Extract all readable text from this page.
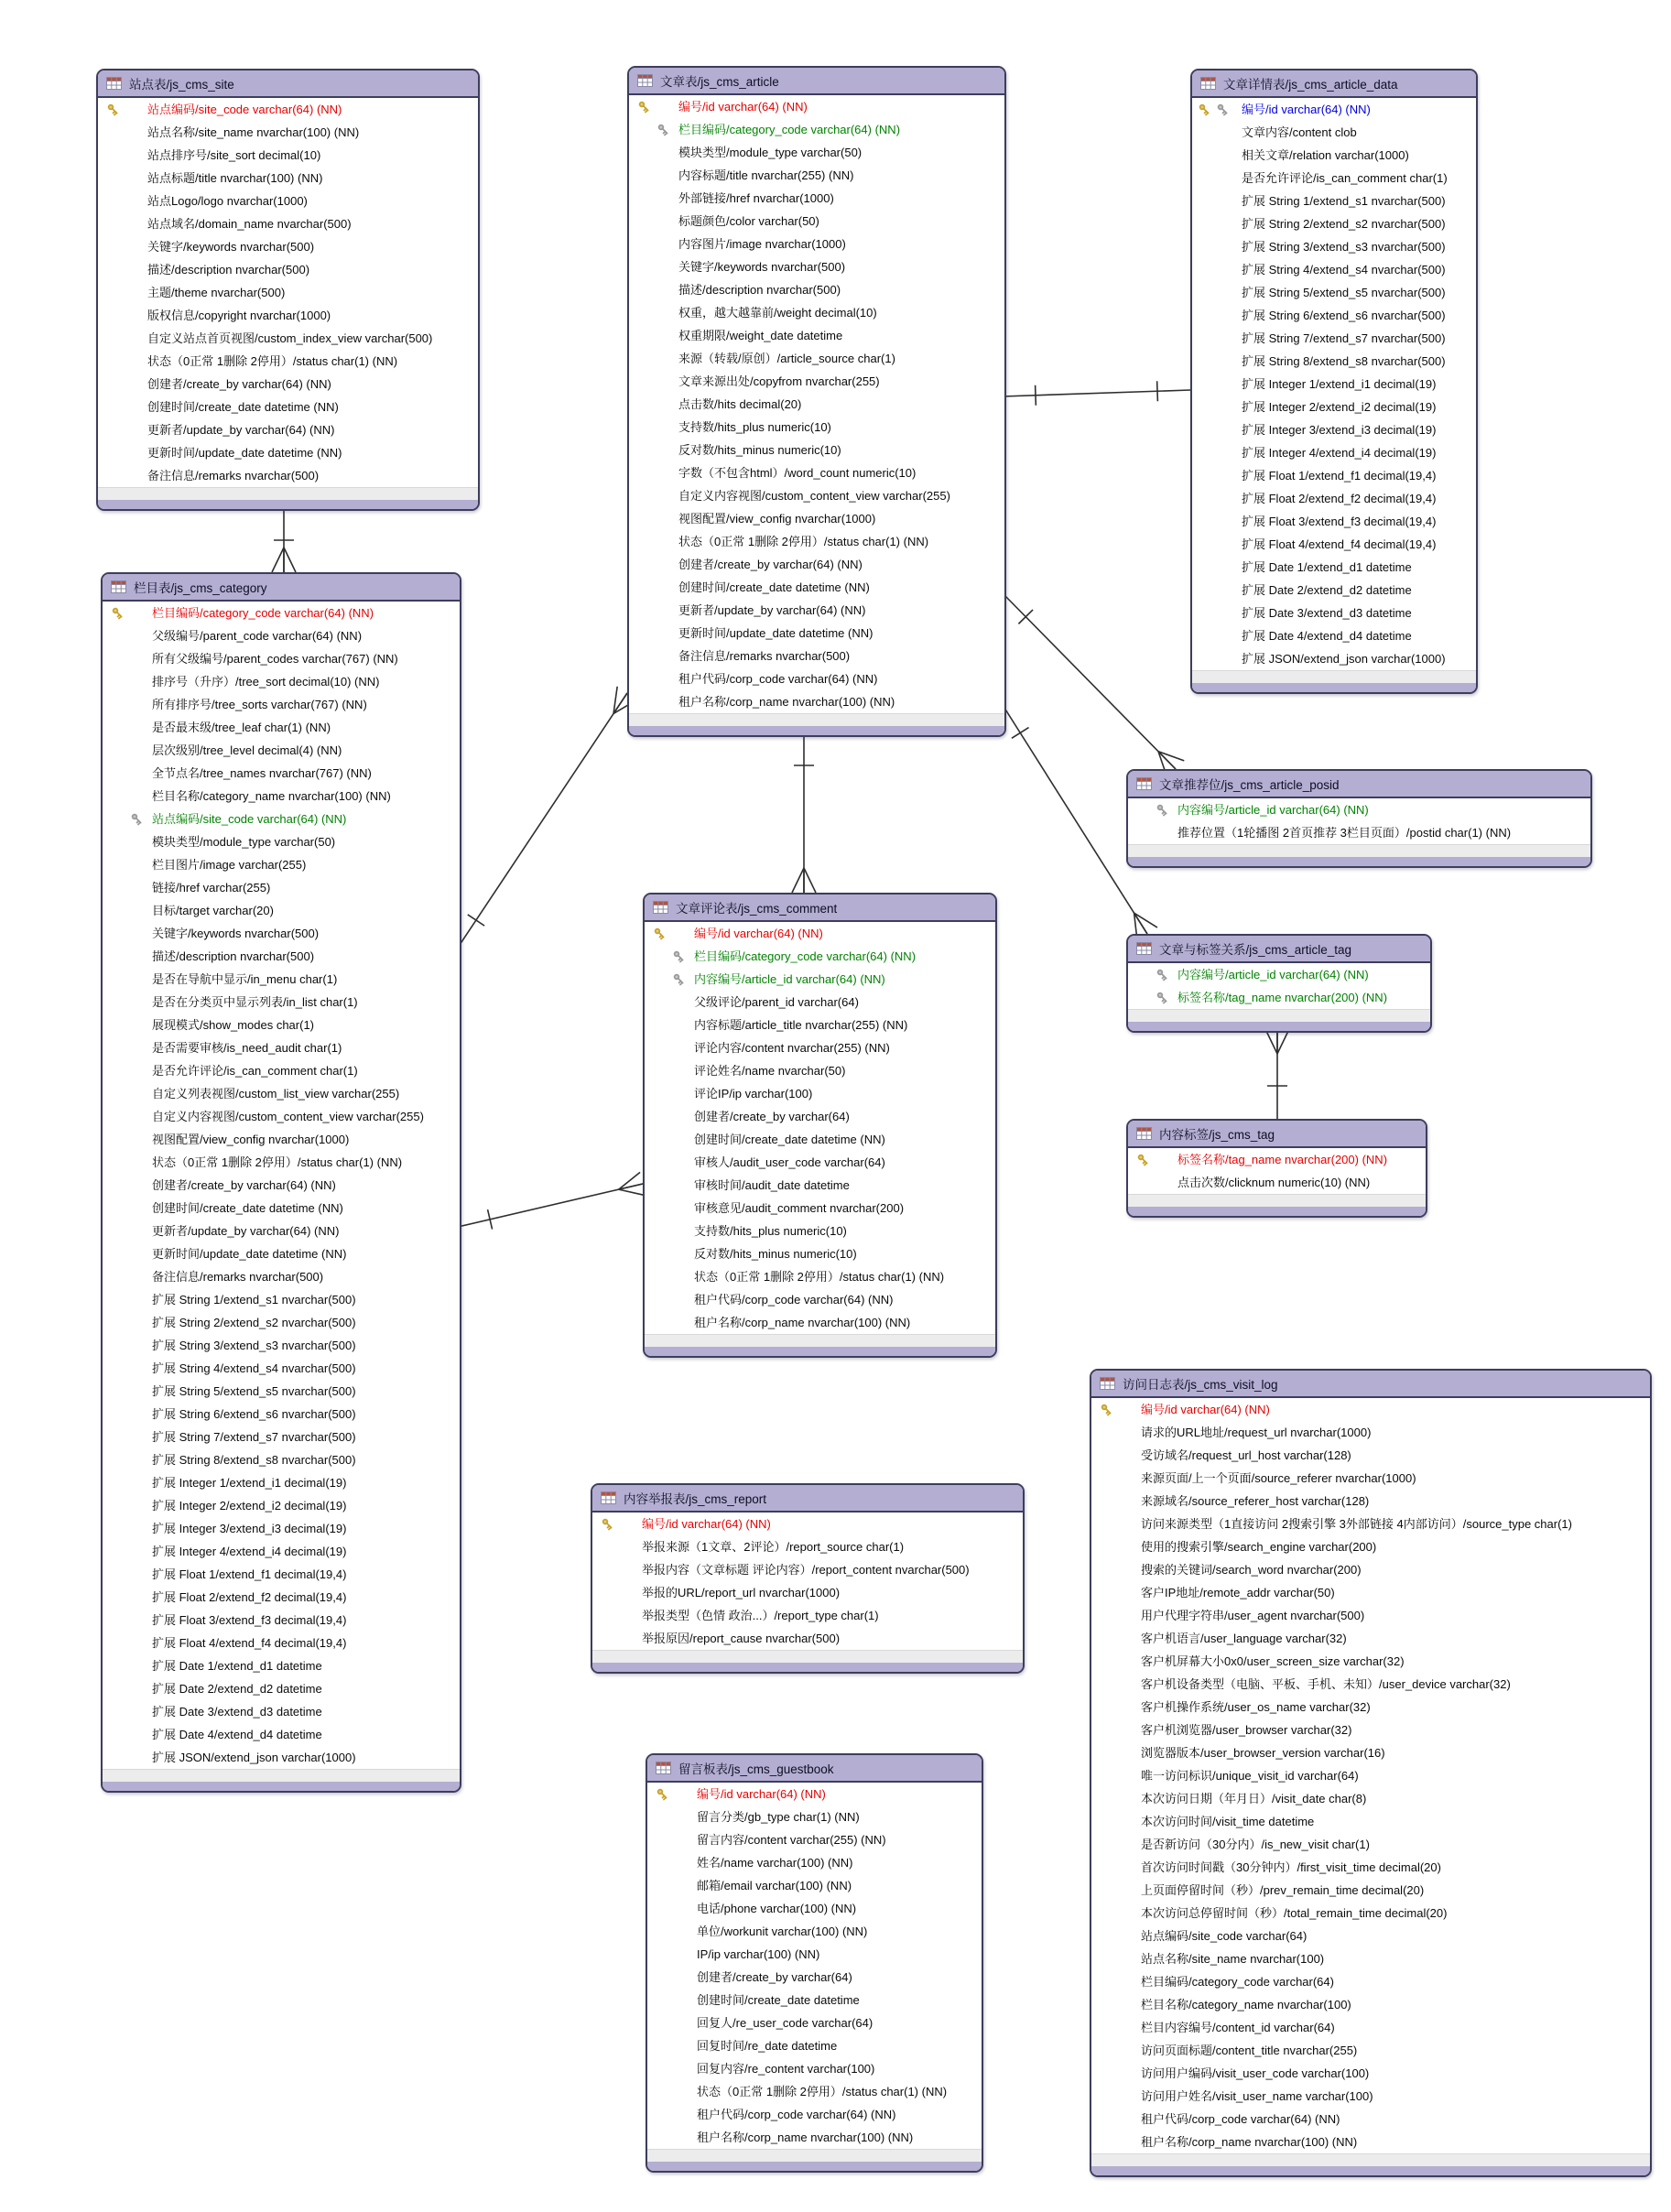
站点表/js_cms_site
站点编码/site_code varchar(64) (NN)
站点名称/site_name nvarchar(100) (NN)
站点排序号/site_sort decimal(10)
站点标题/title nvarchar(100) (NN)
站点Logo/logo nvarchar(1000)
站点域名/domain_name nvarchar(500)
关键字/keywords nvarchar(500)
描述/description nvarchar(500)
主题/theme nvarchar(500)
版权信息/copyright nvarchar(1000)
自定义站点首页视图/custom_index_view varchar(500)
状态（0正常 1删除 2停用）/status char(1) (NN)
创建者/create_by varchar(64) (NN)
创建时间/create_date datetime (NN)
更新者/update_by varchar(64) (NN)
更新时间/update_date datetime (NN)
备注信息/remarks nvarchar(500)
文章表/js_cms_article
编号/id varchar(64) (NN)
栏目编码/category_code varchar(64) (NN)
模块类型/module_type varchar(50)
内容标题/title nvarchar(255) (NN)
外部链接/href nvarchar(1000)
标题颜色/color varchar(50)
内容图片/image nvarchar(1000)
关键字/keywords nvarchar(500)
描述/description nvarchar(500)
权重，越大越靠前/weight decimal(10)
权重期限/weight_date datetime
来源（转载/原创）/article_source char(1)
文章来源出处/copyfrom nvarchar(255)
点击数/hits decimal(20)
支持数/hits_plus numeric(10)
反对数/hits_minus numeric(10)
字数（不包含html）/word_count numeric(10)
自定义内容视图/custom_content_view varchar(255)
视图配置/view_config nvarchar(1000)
状态（0正常 1删除 2停用）/status char(1) (NN)
创建者/create_by varchar(64) (NN)
创建时间/create_date datetime (NN)
更新者/update_by varchar(64) (NN)
更新时间/update_date datetime (NN)
备注信息/remarks nvarchar(500)
租户代码/corp_code varchar(64) (NN)
租户名称/corp_name nvarchar(100) (NN)
文章详情表/js_cms_article_data
编号/id varchar(64) (NN)
文章内容/content clob
相关文章/relation varchar(1000)
是否允许评论/is_can_comment char(1)
扩展 String 1/extend_s1 nvarchar(500)
扩展 String 2/extend_s2 nvarchar(500)
扩展 String 3/extend_s3 nvarchar(500)
扩展 String 4/extend_s4 nvarchar(500)
扩展 String 5/extend_s5 nvarchar(500)
扩展 String 6/extend_s6 nvarchar(500)
扩展 String 7/extend_s7 nvarchar(500)
扩展 String 8/extend_s8 nvarchar(500)
扩展 Integer 1/extend_i1 decimal(19)
扩展 Integer 2/extend_i2 decimal(19)
扩展 Integer 3/extend_i3 decimal(19)
扩展 Integer 4/extend_i4 decimal(19)
扩展 Float 1/extend_f1 decimal(19,4)
扩展 Float 2/extend_f2 decimal(19,4)
扩展 Float 3/extend_f3 decimal(19,4)
扩展 Float 4/extend_f4 decimal(19,4)
扩展 Date 1/extend_d1 datetime
扩展 Date 2/extend_d2 datetime
扩展 Date 3/extend_d3 datetime
扩展 Date 4/extend_d4 datetime
扩展 JSON/extend_json varchar(1000)
栏目表/js_cms_category
栏目编码/category_code varchar(64) (NN)
父级编号/parent_code varchar(64) (NN)
所有父级编号/parent_codes varchar(767) (NN)
排序号（升序）/tree_sort decimal(10) (NN)
所有排序号/tree_sorts varchar(767) (NN)
是否最末级/tree_leaf char(1) (NN)
层次级别/tree_level decimal(4) (NN)
全节点名/tree_names nvarchar(767) (NN)
栏目名称/category_name nvarchar(100) (NN)
站点编码/site_code varchar(64) (NN)
模块类型/module_type varchar(50)
栏目图片/image varchar(255)
链接/href varchar(255)
目标/target varchar(20)
关键字/keywords nvarchar(500)
描述/description nvarchar(500)
是否在导航中显示/in_menu char(1)
是否在分类页中显示列表/in_list char(1)
展现模式/show_modes char(1)
是否需要审核/is_need_audit char(1)
是否允许评论/is_can_comment char(1)
自定义列表视图/custom_list_view varchar(255)
自定义内容视图/custom_content_view varchar(255)
视图配置/view_config nvarchar(1000)
状态（0正常 1删除 2停用）/status char(1) (NN)
创建者/create_by varchar(64) (NN)
创建时间/create_date datetime (NN)
更新者/update_by varchar(64) (NN)
更新时间/update_date datetime (NN)
备注信息/remarks nvarchar(500)
扩展 String 1/extend_s1 nvarchar(500)
扩展 String 2/extend_s2 nvarchar(500)
扩展 String 3/extend_s3 nvarchar(500)
扩展 String 4/extend_s4 nvarchar(500)
扩展 String 5/extend_s5 nvarchar(500)
扩展 String 6/extend_s6 nvarchar(500)
扩展 String 7/extend_s7 nvarchar(500)
扩展 String 8/extend_s8 nvarchar(500)
扩展 Integer 1/extend_i1 decimal(19)
扩展 Integer 2/extend_i2 decimal(19)
扩展 Integer 3/extend_i3 decimal(19)
扩展 Integer 4/extend_i4 decimal(19)
扩展 Float 1/extend_f1 decimal(19,4)
扩展 Float 2/extend_f2 decimal(19,4)
扩展 Float 3/extend_f3 decimal(19,4)
扩展 Float 4/extend_f4 decimal(19,4)
扩展 Date 1/extend_d1 datetime
扩展 Date 2/extend_d2 datetime
扩展 Date 3/extend_d3 datetime
扩展 Date 4/extend_d4 datetime
扩展 JSON/extend_json varchar(1000)
文章推荐位/js_cms_article_posid
内容编号/article_id varchar(64) (NN)
推荐位置（1轮播图 2首页推荐 3栏目页面）/postid char(1) (NN)
文章与标签关系/js_cms_article_tag
内容编号/article_id varchar(64) (NN)
标签名称/tag_name nvarchar(200) (NN)
内容标签/js_cms_tag
标签名称/tag_name nvarchar(200) (NN)
点击次数/clicknum numeric(10) (NN)
文章评论表/js_cms_comment
编号/id varchar(64) (NN)
栏目编码/category_code varchar(64) (NN)
内容编号/article_id varchar(64) (NN)
父级评论/parent_id varchar(64)
内容标题/article_title nvarchar(255) (NN)
评论内容/content nvarchar(255) (NN)
评论姓名/name nvarchar(50)
评论IP/ip varchar(100)
创建者/create_by varchar(64)
创建时间/create_date datetime (NN)
审核人/audit_user_code varchar(64)
审核时间/audit_date datetime
审核意见/audit_comment nvarchar(200)
支持数/hits_plus numeric(10)
反对数/hits_minus numeric(10)
状态（0正常 1删除 2停用）/status char(1) (NN)
租户代码/corp_code varchar(64) (NN)
租户名称/corp_name nvarchar(100) (NN)
访问日志表/js_cms_visit_log
编号/id varchar(64) (NN)
请求的URL地址/request_url nvarchar(1000)
受访域名/request_url_host varchar(128)
来源页面/上一个页面/source_referer nvarchar(1000)
来源域名/source_referer_host varchar(128)
访问来源类型（1直接访问 2搜索引擎 3外部链接 4内部访问）/source_type char(1)
使用的搜索引擎/search_engine varchar(200)
搜索的关键词/search_word nvarchar(200)
客户IP地址/remote_addr varchar(50)
用户代理字符串/user_agent nvarchar(500)
客户机语言/user_language varchar(32)
客户机屏幕大小0x0/user_screen_size varchar(32)
客户机设备类型（电脑、平板、手机、未知）/user_device varchar(32)
客户机操作系统/user_os_name varchar(32)
客户机浏览器/user_browser varchar(32)
浏览器版本/user_browser_version varchar(16)
唯一访问标识/unique_visit_id varchar(64)
本次访问日期（年月日）/visit_date char(8)
本次访问时间/visit_time datetime
是否新访问（30分内）/is_new_visit char(1)
首次访问时间戳（30分钟内）/first_visit_time decimal(20)
上页面停留时间（秒）/prev_remain_time decimal(20)
本次访问总停留时间（秒）/total_remain_time decimal(20)
站点编码/site_code varchar(64)
站点名称/site_name nvarchar(100)
栏目编码/category_code varchar(64)
栏目名称/category_name nvarchar(100)
栏目内容编号/content_id varchar(64)
访问页面标题/content_title nvarchar(255)
访问用户编码/visit_user_code varchar(100)
访问用户姓名/visit_user_name varchar(100)
租户代码/corp_code varchar(64) (NN)
租户名称/corp_name nvarchar(100) (NN)
内容举报表/js_cms_report
编号/id varchar(64) (NN)
举报来源（1文章、2评论）/report_source char(1)
举报内容（文章标题 评论内容）/report_content nvarchar(500)
举报的URL/report_url nvarchar(1000)
举报类型（色情 政治...）/report_type char(1)
举报原因/report_cause nvarchar(500)
留言板表/js_cms_guestbook
编号/id varchar(64) (NN)
留言分类/gb_type char(1) (NN)
留言内容/content varchar(255) (NN)
姓名/name varchar(100) (NN)
邮箱/email varchar(100) (NN)
电话/phone varchar(100) (NN)
单位/workunit varchar(100) (NN)
IP/ip varchar(100) (NN)
创建者/create_by varchar(64)
创建时间/create_date datetime
回复人/re_user_code varchar(64)
回复时间/re_date datetime
回复内容/re_content varchar(100)
状态（0正常 1删除 2停用）/status char(1) (NN)
租户代码/corp_code varchar(64) (NN)
租户名称/corp_name nvarchar(100) (NN)
